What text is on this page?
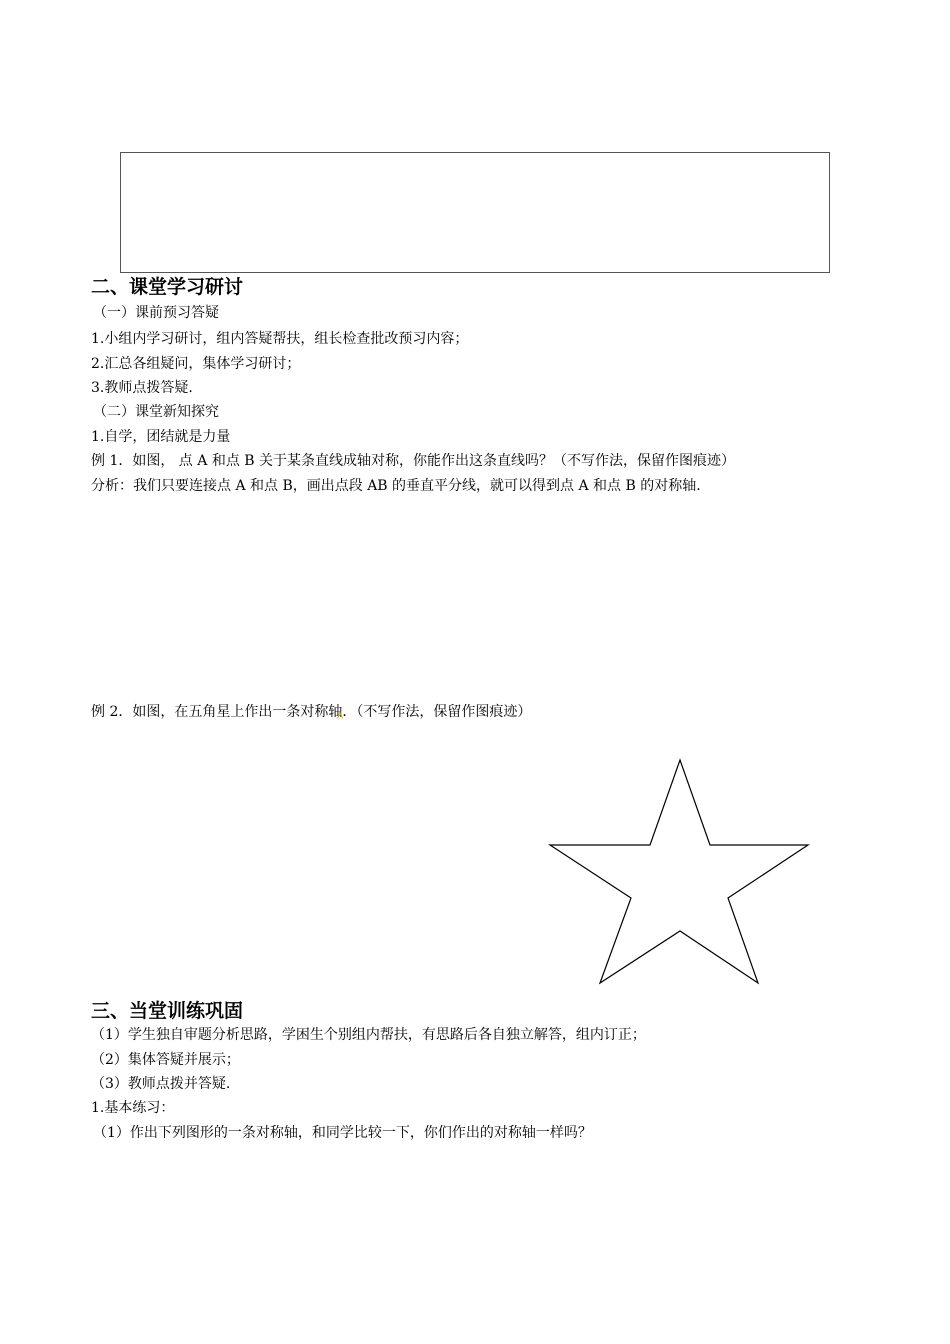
二、课堂学习研讨
（一）课前预习答疑
1.小组内学习研讨，组内答疑帮扶，组长检查批改预习内容；
2.汇总各组疑问，集体学习研讨；
3.教师点拨答疑.
（二）课堂新知探究
1.自学，团结就是力量
例 1．如图， 点 A 和点 B 关于某条直线成轴对称，你能作出这条直线吗？（不写作法，保留作图痕迹）
分析：我们只要连接点 A 和点 B，画出点段 AB 的垂直平分线，就可以得到点 A 和点 B 的对称轴.
例 2．如图，在五角星上作出一条对称轴．（不写作法，保留作图痕迹）
三、当堂训练巩固
（1）学生独自审题分析思路，学困生个别组内帮扶，有思路后各自独立解答，组内订正；
（2）集体答疑并展示；
（3）教师点拨并答疑.
1.基本练习：
（1）作出下列图形的一条对称轴，和同学比较一下，你们作出的对称轴一样吗？
